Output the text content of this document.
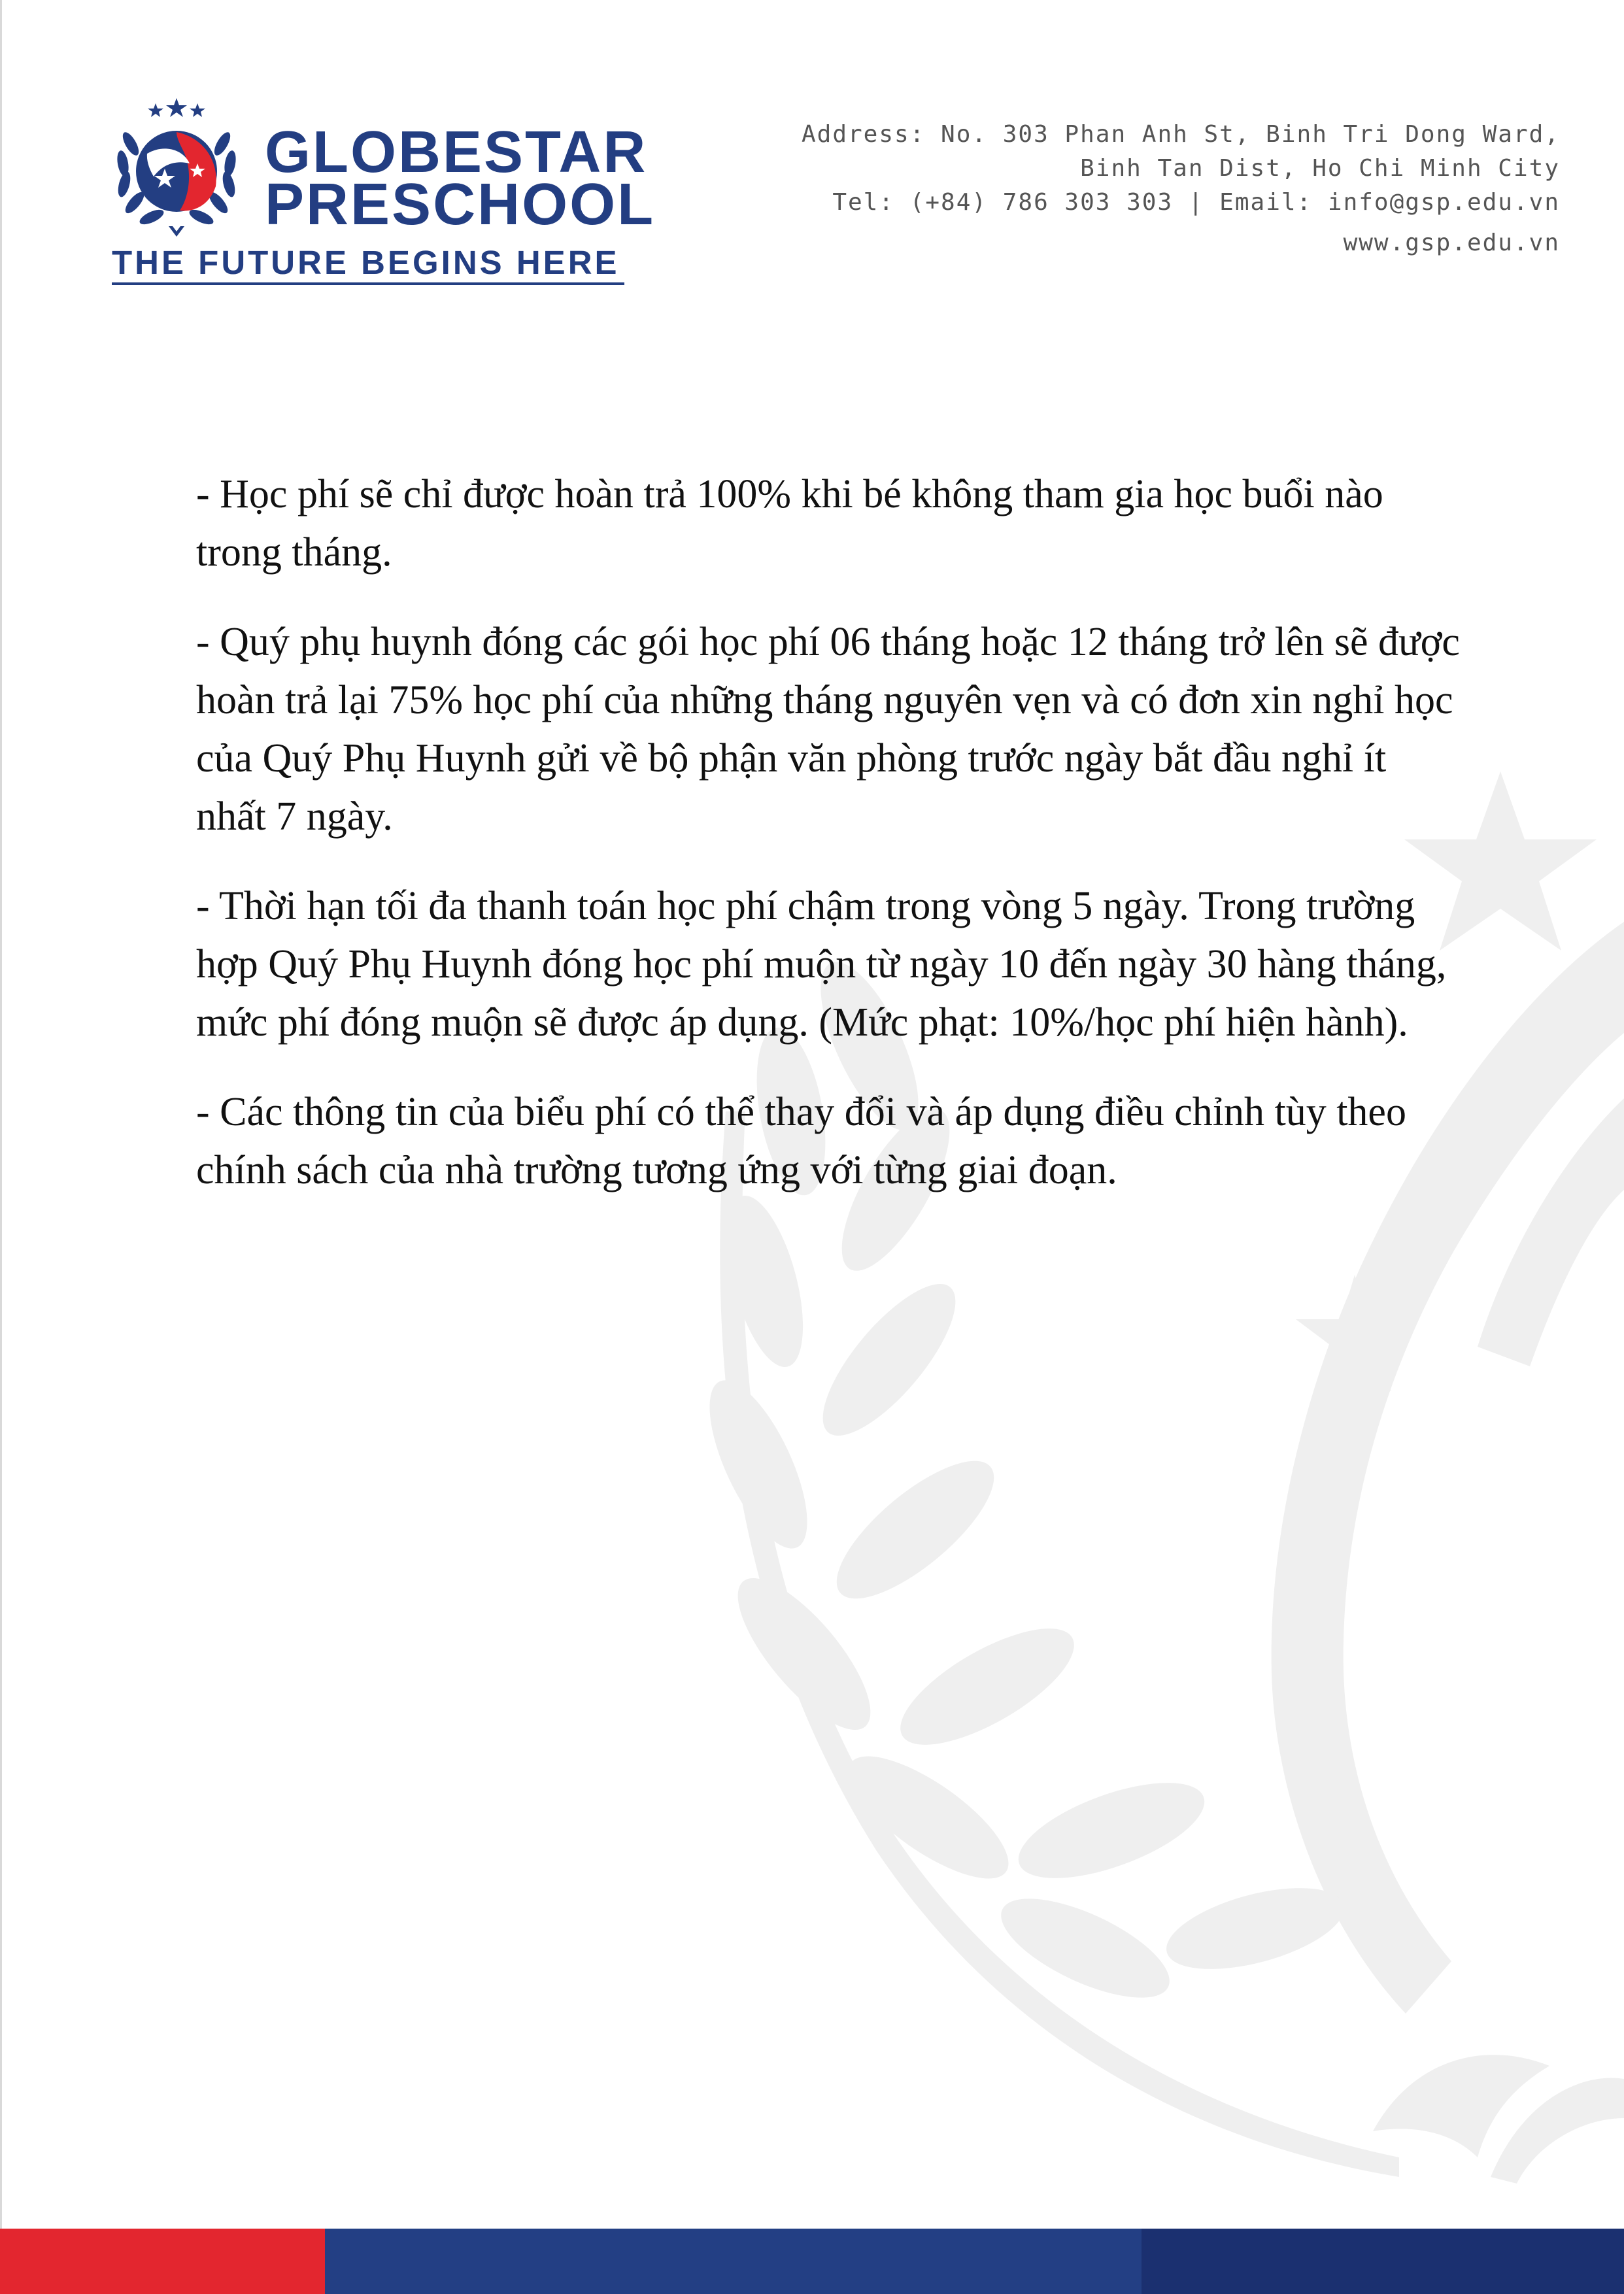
GLOBESTAR
PRESCHOOL
THE FUTURE BEGINS HERE
Address: No. 303 Phan Anh St, Binh Tri Dong Ward,
Binh Tan Dist, Ho Chi Minh City
Tel: (+84) 786 303 303 | Email: info@gsp.edu.vn
www.gsp.edu.vn

- Học phí sẽ chỉ được hoàn trả 100% khi bé không tham gia học buổi nào trong tháng.

- Quý phụ huynh đóng các gói học phí 06 tháng hoặc 12 tháng trở lên sẽ được hoàn trả lại 75% học phí của những tháng nguyên vẹn và có đơn xin nghỉ học của Quý Phụ Huynh gửi về bộ phận văn phòng trước ngày bắt đầu nghỉ ít nhất 7 ngày.

- Thời hạn tối đa thanh toán học phí chậm trong vòng 5 ngày. Trong trường hợp Quý Phụ Huynh đóng học phí muộn từ ngày 10 đến ngày 30 hàng tháng, mức phí đóng muộn sẽ được áp dụng. (Mức phạt: 10%/học phí hiện hành).

- Các thông tin của biểu phí có thể thay đổi và áp dụng điều chỉnh tùy theo chính sách của nhà trường tương ứng với từng giai đoạn.
